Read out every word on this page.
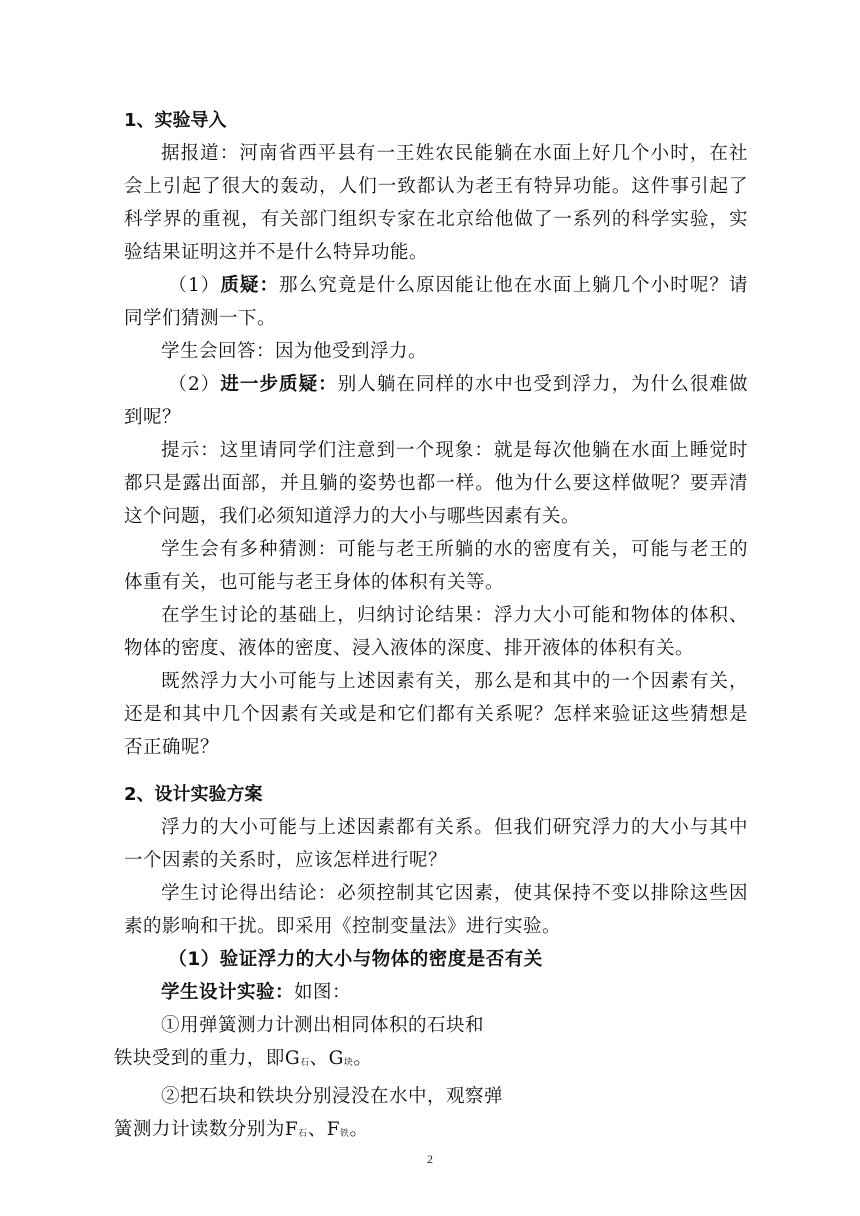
1、实验导入

据报道：河南省西平县有一王姓农民能躺在水面上好几个小时，在社会上引起了很大的轰动，人们一致都认为老王有特异功能。这件事引起了科学界的重视，有关部门组织专家在北京给他做了一系列的科学实验，实验结果证明这并不是什么特异功能。

（1）质疑：那么究竟是什么原因能让他在水面上躺几个小时呢？请同学们猜测一下。

学生会回答：因为他受到浮力。

（2）进一步质疑：别人躺在同样的水中也受到浮力，为什么很难做到呢？

提示：这里请同学们注意到一个现象：就是每次他躺在水面上睡觉时都只是露出面部，并且躺的姿势也都一样。他为什么要这样做呢？要弄清这个问题，我们必须知道浮力的大小与哪些因素有关。

学生会有多种猜测：可能与老王所躺的水的密度有关，可能与老王的体重有关，也可能与老王身体的体积有关等。

在学生讨论的基础上，归纳讨论结果：浮力大小可能和物体的体积、物体的密度、液体的密度、浸入液体的深度、排开液体的体积有关。

既然浮力大小可能与上述因素有关，那么是和其中的一个因素有关，还是和其中几个因素有关或是和它们都有关系呢？怎样来验证这些猜想是否正确呢？

2、设计实验方案

浮力的大小可能与上述因素都有关系。但我们研究浮力的大小与其中一个因素的关系时，应该怎样进行呢？

学生讨论得出结论：必须控制其它因素，使其保持不变以排除这些因素的影响和干扰。即采用《控制变量法》进行实验。

（1）验证浮力的大小与物体的密度是否有关

学生设计实验：如图：

①用弹簧测力计测出相同体积的石块和

铁块受到的重力，即$G_石$、$G_块$。

②把石块和铁块分别浸没在水中，观察弹

簧测力计读数分别为$F_石$、$F_铁$。

2
